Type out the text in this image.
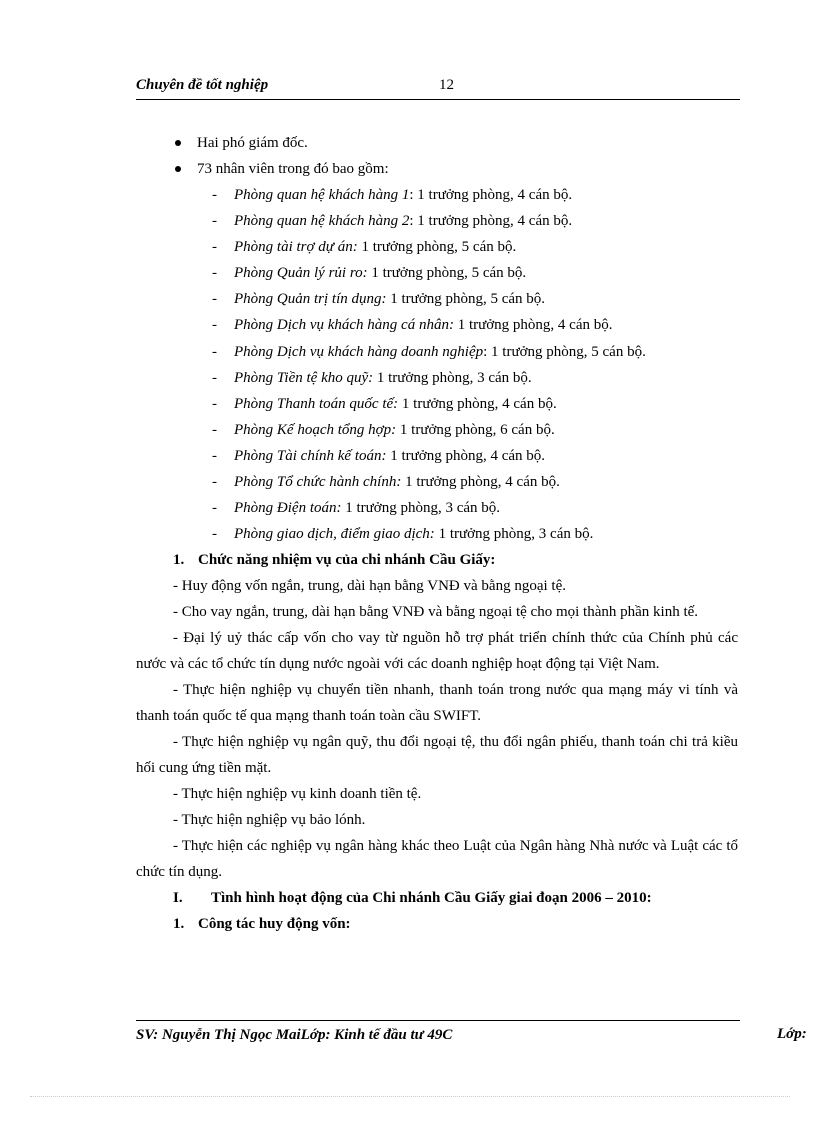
Chuyên đề tốt nghiệp	12
Hai phó giám đốc.
73 nhân viên trong đó bao gồm:
- Phòng quan hệ khách hàng 1: 1 trưởng phòng, 4 cán bộ.
- Phòng quan hệ khách hàng 2: 1 trưởng phòng, 4 cán bộ.
- Phòng tài trợ dự án: 1 trưởng phòng, 5 cán bộ.
- Phòng Quản lý rủi ro: 1 trưởng phòng, 5 cán bộ.
- Phòng Quản trị tín dụng: 1 trưởng phòng, 5 cán bộ.
- Phòng Dịch vụ khách hàng cá nhân: 1 trưởng phòng, 4 cán bộ.
- Phòng Dịch vụ khách hàng doanh nghiệp: 1 trưởng phòng, 5 cán bộ.
- Phòng Tiền tệ kho quỹ: 1 trưởng phòng, 3 cán bộ.
- Phòng Thanh toán quốc tế: 1 trưởng phòng, 4 cán bộ.
- Phòng Kế hoạch tổng hợp: 1 trưởng phòng, 6 cán bộ.
- Phòng Tài chính kế toán: 1 trưởng phòng, 4 cán bộ.
- Phòng Tổ chức hành chính: 1 trưởng phòng, 4 cán bộ.
- Phòng Điện toán: 1 trưởng phòng, 3 cán bộ.
- Phòng giao dịch, điểm giao dịch: 1 trưởng phòng, 3 cán bộ.
1. Chức năng nhiệm vụ của chi nhánh Cầu Giấy:
- Huy động vốn ngắn, trung, dài hạn bằng VNĐ và bằng ngoại tệ.
- Cho vay ngắn, trung, dài hạn bằng VNĐ và bằng ngoại tệ cho mọi thành phần kinh tế.
- Đại lý uỷ thác cấp vốn cho vay từ nguồn hỗ trợ phát triển chính thức của Chính phủ các nước và các tổ chức tín dụng nước ngoài với các doanh nghiệp hoạt động tại Việt Nam.
- Thực hiện nghiệp vụ chuyển tiền nhanh, thanh toán trong nước qua mạng máy vi tính và thanh toán quốc tế qua mạng thanh toán toàn cầu SWIFT.
- Thực hiện nghiệp vụ ngân quỹ, thu đổi ngoại tệ, thu đổi ngân phiếu, thanh toán chi trả kiều hối cung ứng tiền mặt.
- Thực hiện nghiệp vụ kinh doanh tiền tệ.
- Thực hiện nghiệp vụ bảo lónh.
- Thực hiện các nghiệp vụ ngân hàng khác theo Luật của Ngân hàng Nhà nước và Luật các tổ chức tín dụng.
I. Tình hình hoạt động của Chi nhánh Cầu Giấy giai đoạn 2006 – 2010:
1. Công tác huy động vốn:
SV: Nguyễn Thị Ngọc MaiLớp: Kinh tế đầu tư 49C	Lớp:
